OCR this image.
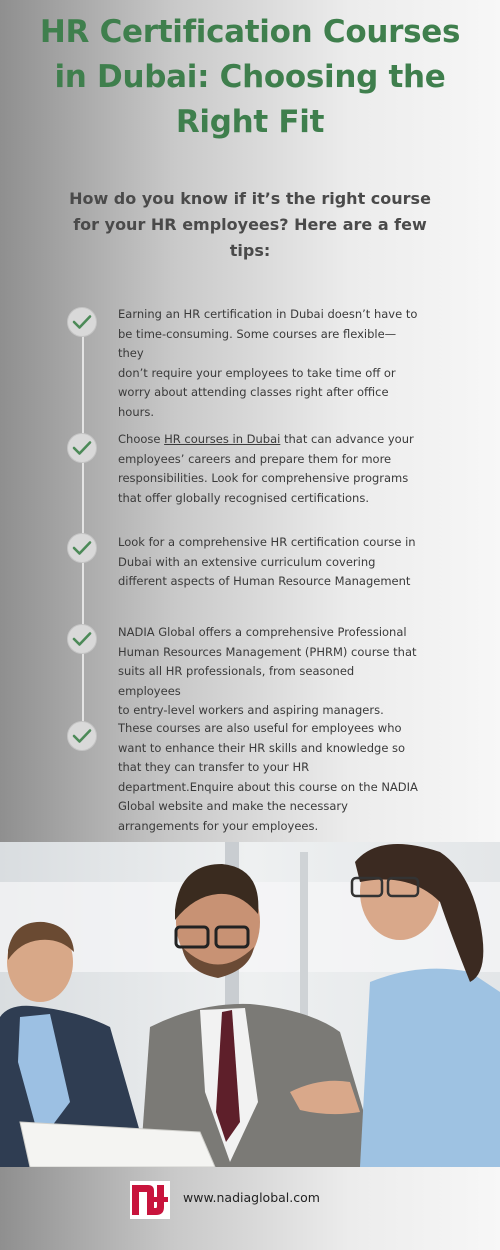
HR Certification Courses
in Dubai: Choosing the
Right Fit
How do you know if it’s the right course
for your HR employees? Here are a few
tips:

Earning an HR certification in Dubai doesn’t have to
be time-consuming. Some courses are flexible—they
don’t require your employees to take time off or
worry about attending classes right after office
hours.

Choose HR courses in Dubai that can advance your
employees’ careers and prepare them for more
responsibilities. Look for comprehensive programs
that offer globally recognised certifications.

Look for a comprehensive HR certification course in
Dubai with an extensive curriculum covering
different aspects of Human Resource Management

NADIA Global offers a comprehensive Professional
Human Resources Management (PHRM) course that
suits all HR professionals, from seasoned employees
to entry-level workers and aspiring managers.

These courses are also useful for employees who
want to enhance their HR skills and knowledge so
that they can transfer to your HR
department.Enquire about this course on the NADIA
Global website and make the necessary
arrangements for your employees.

www.nadiaglobal.com
